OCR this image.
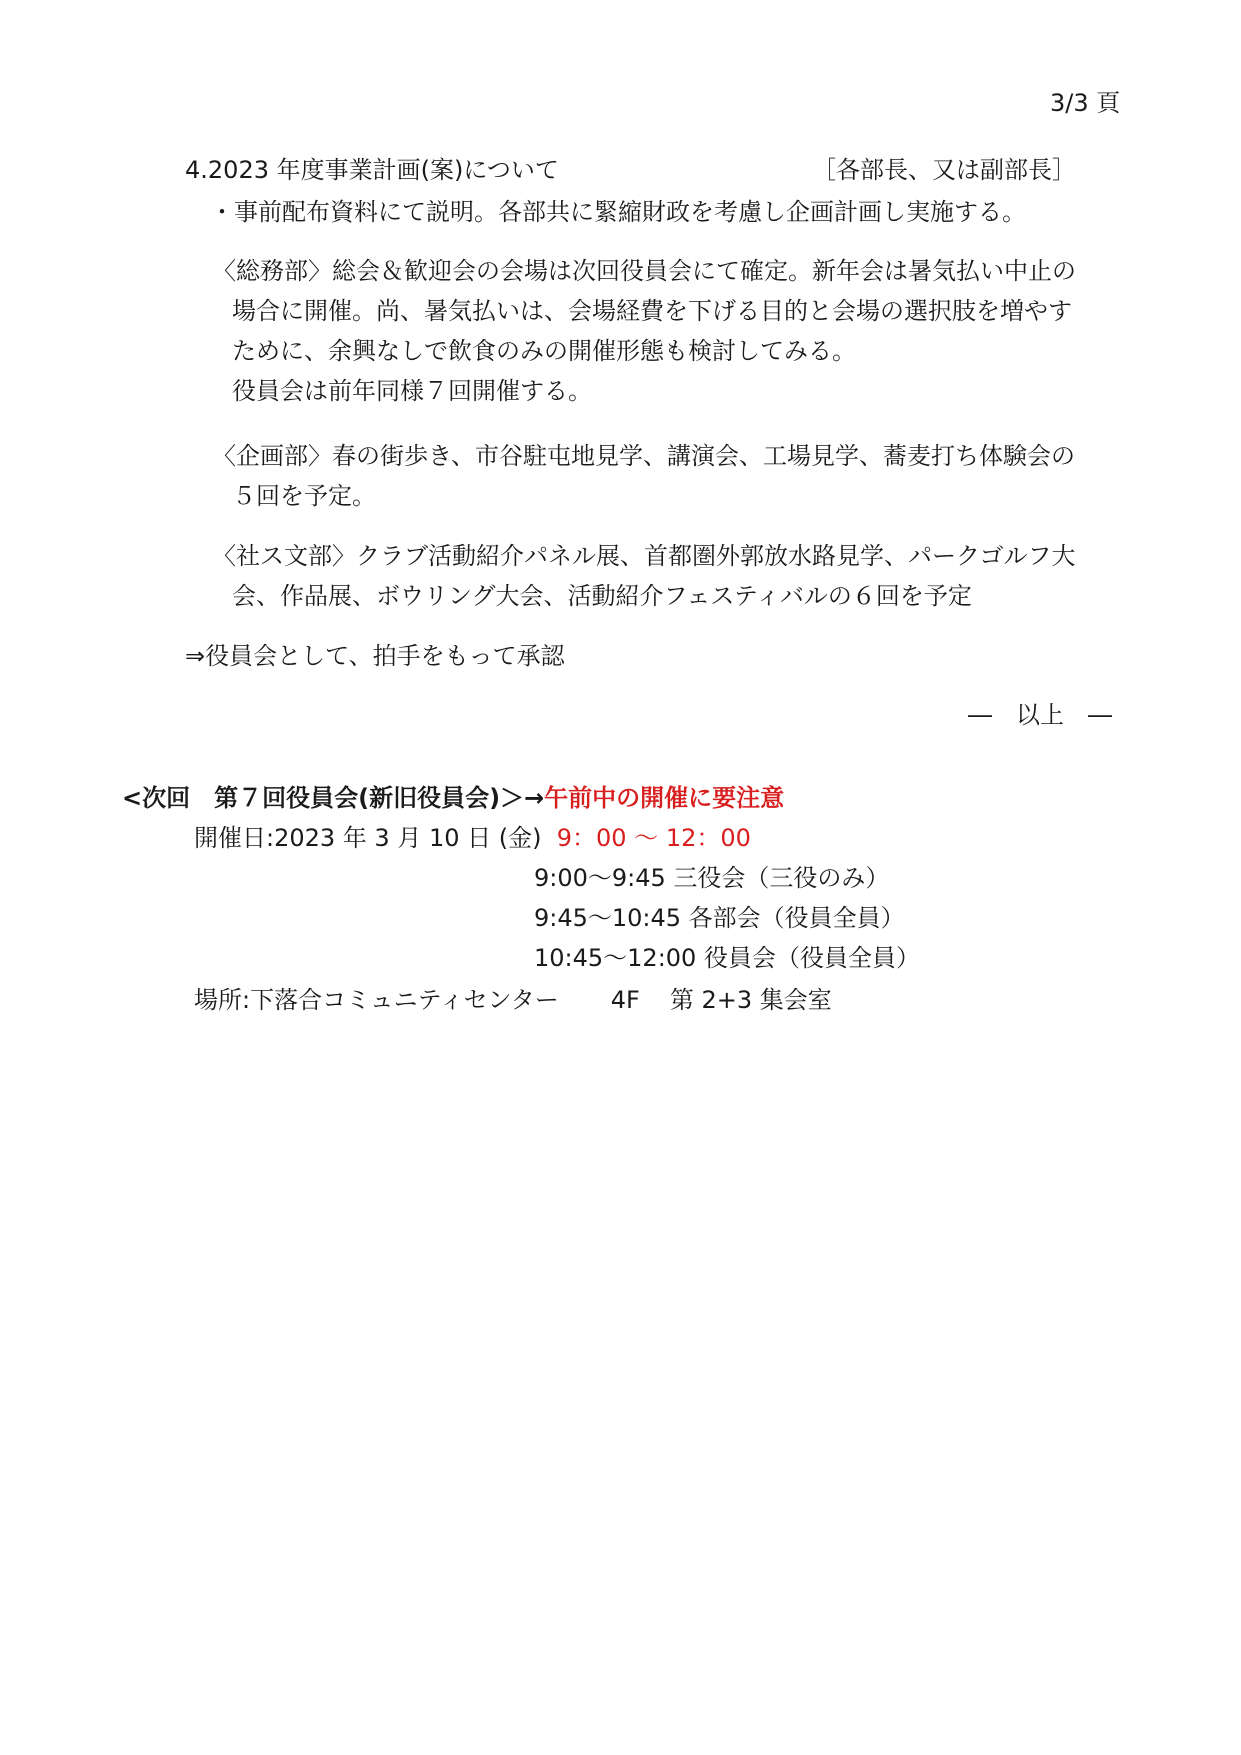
3/3 頁
4.2023 年度事業計画(案)について	［各部長、又は副部長］
・事前配布資料にて説明。各部共に緊縮財政を考慮し企画計画し実施する。
〈総務部〉総会＆歓迎会の会場は次回役員会にて確定。新年会は暑気払い中止の
場合に開催。尚、暑気払いは、会場経費を下げる目的と会場の選択肢を増やす
ために、余興なしで飲食のみの開催形態も検討してみる。
役員会は前年同様７回開催する。
〈企画部〉春の街歩き、市谷駐屯地見学、講演会、工場見学、蕎麦打ち体験会の
５回を予定。
〈社ス文部〉クラブ活動紹介パネル展、首都圏外郭放水路見学、パークゴルフ大
会、作品展、ボウリング大会、活動紹介フェスティバルの６回を予定
⇒役員会として、拍手をもって承認
―　以上　―
<次回　第７回役員会(新旧役員会)＞→午前中の開催に要注意
開催日:2023 年 3 月 10 日 (金) 9：00 ～ 12：00
9:00～9:45 三役会（三役のみ）
9:45～10:45 各部会（役員全員）
10:45～12:00 役員会（役員全員）
場所:下落合コミュニティセンター 4F 第 2+3 集会室
